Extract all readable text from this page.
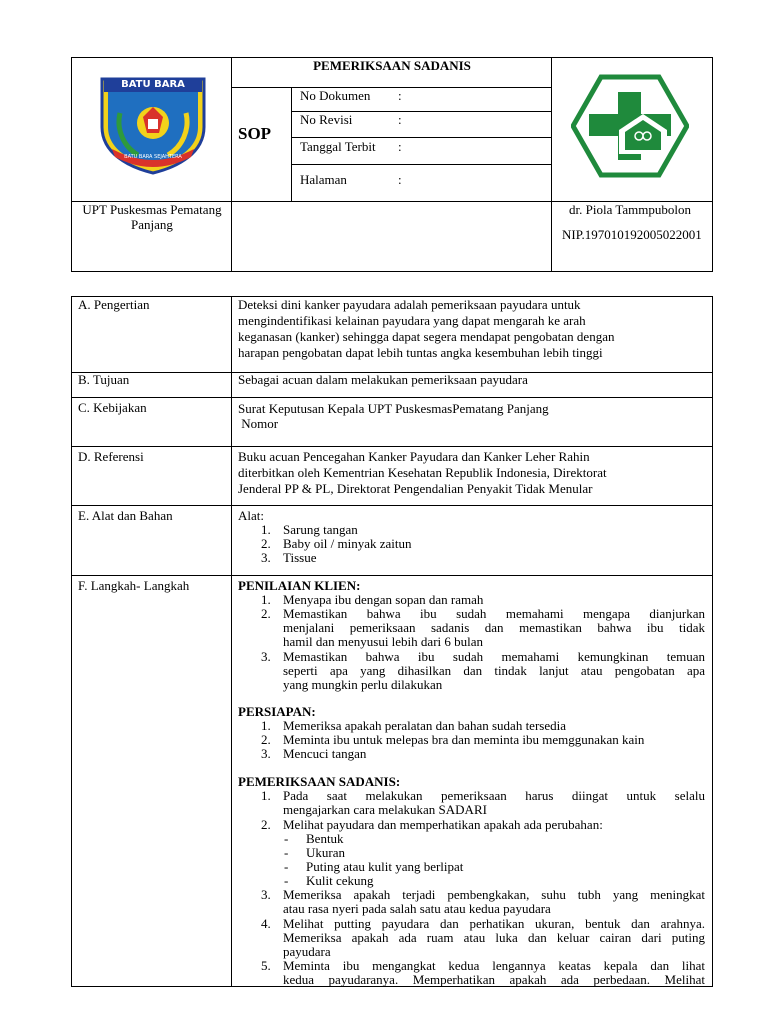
BATU BARA
BATU BARA SEJAHTERA
PEMERIKSAAN SADANIS
SOP
No Dokumen :
No Revisi	:
Tanggal Terbit :
Halaman	:
UPT Puskesmas Pematang
Panjang
dr. Piola Tammpubolon
NIP.197010192005022001
A. Pengertian	Deteksi dini kanker payudara adalah pemeriksaan payudara untuk
mengindentifikasi kelainan payudara yang dapat mengarah ke arah
keganasan (kanker) sehingga dapat segera mendapat pengobatan dengan
harapan pengobatan dapat lebih tuntas angka kesembuhan lebih tinggi
B. Tujuan	Sebagai acuan dalam melakukan pemeriksaan payudara
C. Kebijakan	Surat Keputusan Kepala UPT PuskesmasPematang Panjang
Nomor
D. Referensi	Buku acuan Pencegahan Kanker Payudara dan Kanker Leher Rahin
diterbitkan oleh Kementrian Kesehatan Republik Indonesia, Direktorat
Jenderal PP & PL, Direktorat Pengendalian Penyakit Tidak Menular
E. Alat dan Bahan	Alat:
1. Sarung tangan
2. Baby oil / minyak zaitun
3. Tissue
F. Langkah- Langkah	PENILAIAN KLIEN:
1. Menyapa ibu dengan sopan dan ramah
2. Memastikan bahwa ibu sudah memahami mengapa dianjurkan
menjalani pemeriksaan sadanis dan memastikan bahwa ibu tidak
hamil dan menyusui lebih dari 6 bulan
3. Memastikan bahwa ibu sudah memahami kemungkinan temuan
seperti apa yang dihasilkan dan tindak lanjut atau pengobatan apa
yang mungkin perlu dilakukan
PERSIAPAN:
1. Memeriksa apakah peralatan dan bahan sudah tersedia
2. Meminta ibu untuk melepas bra dan meminta ibu memggunakan kain
3. Mencuci tangan
PEMERIKSAAN SADANIS:
1. Pada saat melakukan pemeriksaan harus diingat untuk selalu
mengajarkan cara melakukan SADARI
2. Melihat payudara dan memperhatikan apakah ada perubahan:
- Bentuk
- Ukuran
- Puting atau kulit yang berlipat
- Kulit cekung
3. Memeriksa apakah terjadi pembengkakan, suhu tubh yang meningkat
atau rasa nyeri pada salah satu atau kedua payudara
4. Melihat putting payudara dan perhatikan ukuran, bentuk dan arahnya.
Memeriksa apakah ada ruam atau luka dan keluar cairan dari puting
payudara
5. Meminta ibu mengangkat kedua lengannya keatas kepala dan lihat
kedua payudaranya. Memperhatikan apakah ada perbedaan. Melihat
